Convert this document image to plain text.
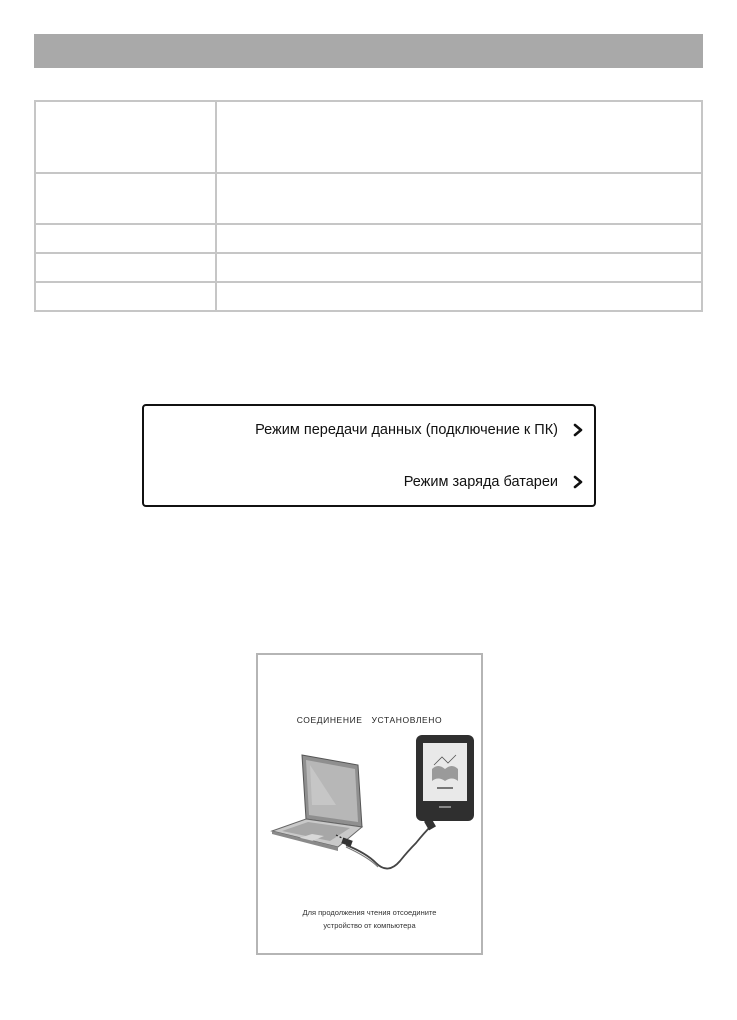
Режим передачи данных (подключение к ПК)
Режим заряда батареи
СОЕДИНЕНИЕ УСТАНОВЛЕНО
Для продолжения чтения отсоедините
устройство от компьютера
